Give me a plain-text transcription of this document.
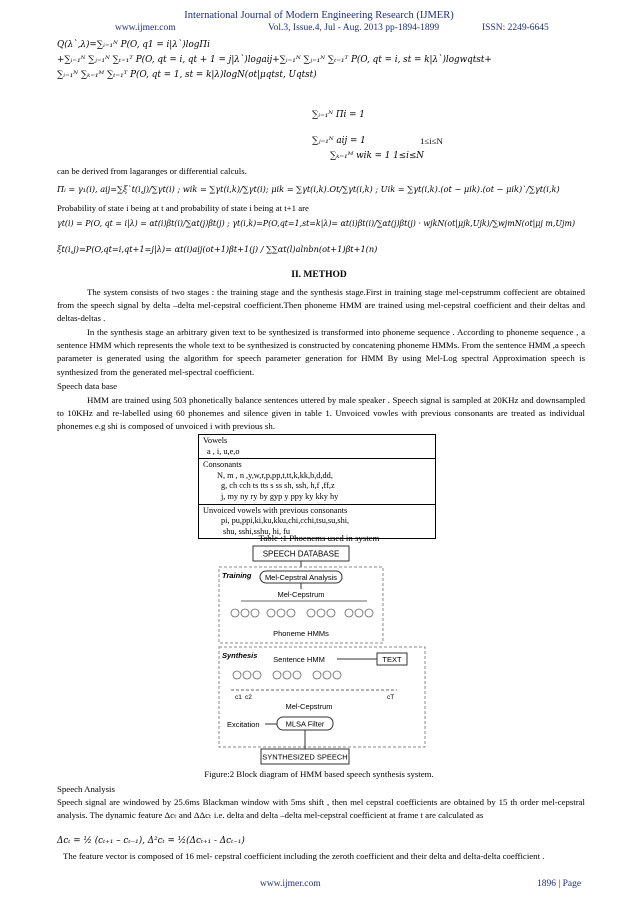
International Journal of Modern Engineering Research (IJMER)
www.ijmer.com	Vol.3, Issue.4, Jul - Aug. 2013 pp-1894-1899	ISSN: 2249-6645
Q(λ`,λ)=∑ᵢ₌₁ᴺ P(O, q1 = i|λ`)logΠi
+∑ᵢ₌₁ᴺ ∑ⱼ₌₁ᴺ ∑ₜ₌₁ᵀ P(O, qt = i, qt + 1 = j|λ`)logaij+∑ᵢ₌₁ᴺ ∑ⱼ₌₁ᴺ ∑ₜ₌₁ᵀ P(O, qt = i, st = k|λ`)logwqtst+
∑ᵢ₌₁ᴺ ∑ₖ₌₁ᴹ ∑ₜ₌₁ᵀ P(O, qt = 1, st = k|λ)logN(ot|μqtst, Uqtst)
∑ᵢ₌₁ᴺ Πi = 1
∑ⱼ₌₁ᴺ aij = 1	1≤i≤N
∑ₖ₌₁ᴹ wik = 1 1≤i≤N
can be derived from lagaranges or differential calculs.
Πᵢ = γ₁(i), aij=∑ξ`t(i,j)/∑γt(i) ; wik = ∑γt(i,k)/∑γt(i); μik = ∑γt(i,k).Ot/∑γt(i,k) ; Uik = ∑γt(i,k).(ot − μik).(ot − μik)`/∑γt(i,k)
Probability of state i being at t and probability of state i being at t+1 are
γt(i) = P(O, qt = i|λ) = αt(i)βt(i)/∑αt(j)βt(j) ; γt(i,k)=P(O,qt=1,st=k|λ)= αt(i)βt(i)/∑αt(j)βt(j) · wjkN(ot|μjk,Ujk)/∑wjmN(ot|μj m,Ujm)
ξt(i,j)=P(O,qt=i,qt+1=j|λ)= αt(i)aij(ot+1)βt+1(j) / ∑∑αt(l)alnbn(ot+1)βt+1(n)
II. METHOD
The system consists of two stages : the training stage and the synthesis stage.First in training stage mel-cepstrumm coffecient are obtained from the speech signal by delta –delta mel-cepstral coefficient.Then phoneme HMM are trained using mel-cepstral coefficient and their deltas and deltas-deltas .
In the synthesis stage an arbitrary given text to be synthesized is transformed into phoneme sequence . According to phoneme sequence , a sentence HMM which represents the whole text to be synthesized is constructed by concatening phoneme HMMs. From the sentence HMM ,a speech parameter is generated using the algorithm for speech parameter generation for HMM By using Mel-Log spectral Approximation speech is synthesized from the generated mel-spectral coefficient.
Speech data base
HMM are trained using 503 phonetically balance sentences uttered by male speaker . Speech signal is sampled at 20KHz and downsampled to 10KHz and re-labelled using 60 phonemes and silence given in table 1. Unvoiced vowles with previous consonants are treated as individual phonemes e.g shi is composed of unvoiced i with previous sh.
Vowels
a , i, u,e,o

Consonants
N, m , n ,y,w,r,p,pp,t,tt,k,kk,b,d,dd,
g, ch cch ts tts s ss sh, ssh, h,f ,ff,z
j, my ny ry by gyp y ppy ky kky hy

Unvoiced vowels with previous consonants
pi, pu,ppi,ki,ku,kku,chi,cchi,tsu,su,shi,
shu, sshi,sshu, hi, fu
Table :1 Phoenems used in system
SPEECH DATABASE
Training Mel-Cepstral Analysis
Mel-Cepstrum
Phoneme HMMs
Synthesis Sentence HMM	TEXT
c1 c2	cT
Mel-Cepstrum
Excitation	MLSA Filter
SYNTHESIZED SPEECH
Figure:2 Block diagram of HMM based speech synthesis system.
Speech Analysis
Speech signal are windowed by 25.6ms Blackman window with 5ms shift , then mel cepstral coefficients are obtained by 15 th order mel-cepstral analysis. The dynamic feature Δcₜ and ΔΔcₜ i.e. delta and delta –delta mel-cepstral coefficient at frame t are calculated as
Δcₜ = ½ (cₜ₊₁ – cₜ₋₁), Δ²cₜ = ½(Δcₜ₊₁ - Δcₜ₋₁)
The feature vector is composed of 16 mel- cepstral coefficient including the zeroth coefficient and their delta and delta-delta coefficient .
www.ijmer.com	1896 | Page
